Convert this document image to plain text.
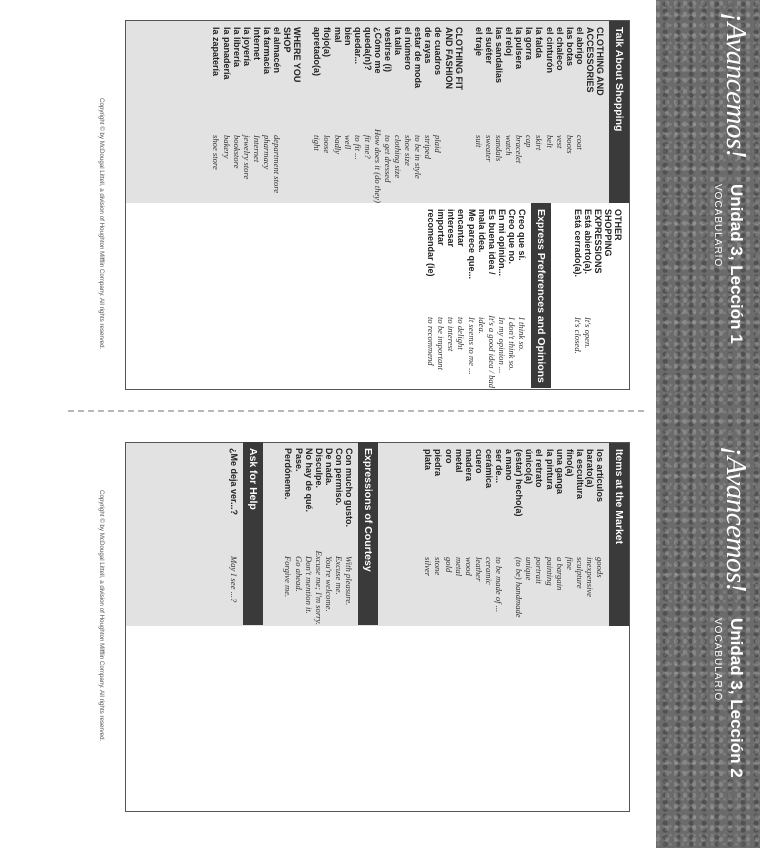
¡Avancemos!
Unidad 3, Lección 1
VOCABULARIO
¡Avancemos!
Unidad 3, Lección 2
VOCABULARIO
Talk About Shopping
CLOTHING AND
ACCESSORIES
el abrigo
coat
las botas
boots
el chaleco
vest
el cinturón
belt
la falda
skirt
la gorra
cap
la pulsera
bracelet
el reloj
watch
las sandalias
sandals
el suéter
sweater
el traje
suit
CLOTHING FIT
AND FASHION
de cuadros
plaid
de rayas
striped
estar de moda
to be in style
el número
shoe size
la talla
clothing size
vestirse (i)
to get dressed
¿Cómo me
How does it (do they)
queda(n)?
fit me?
quedar...
to fit ...
bien
well
mal
badly
flojo(a)
loose
apretado(a)
tight
WHERE YOU
SHOP
el almacén
department store
la farmacia
pharmacy
Internet
Internet
la joyería
jewelry store
la librería
bookstore
la panadería
bakery
la zapatería
shoe store
OTHER
SHOPPING
EXPRESSIONS
Está abierto(a).
It's open.
Está cerrado(a).
It's closed.
Express Preferences and Opinions
Creo que sí.
I think so.
Creo que no.
I don't think so.
En mi opinión...
In my opinion ...
Es buena idea /
It's a good idea / bad
mala idea.
idea.
Me parece que...
It seems to me ...
encantar
to delight
interesar
to interest
importar
to be important
recomendar (ie)
to recommend
Copyright © by McDougal Littell, a division of Houghton Mifflin Company. All rights reserved.
Items at the Market
los artículos
goods
barato(a)
inexpensive
la escultura
sculpture
fino(a)
fine
una ganga
a bargain
la pintura
painting
el retrato
portrait
único(a)
unique
(estar) hecho(a)
(to be) handmade
a mano
ser de...
to be made of ...
cerámica
ceramic
cuero
leather
madera
wood
metal
metal
oro
gold
piedra
stone
plata
silver
Copyright © by McDougal Littell, a division of Houghton Mifflin Company. All rights reserved.	Expressions of Courtesy
Con mucho gusto.
With pleasure.
Con permiso.
Excuse me.
De nada.
You're welcome.
Disculpe.
Excuse me; I'm sorry.
No hay de qué.
Don't mention it.
Pase.
Go ahead.
Perdóneme.
Forgive me.
Ask for Help
¿Me deja ver...?
May I see ...?
